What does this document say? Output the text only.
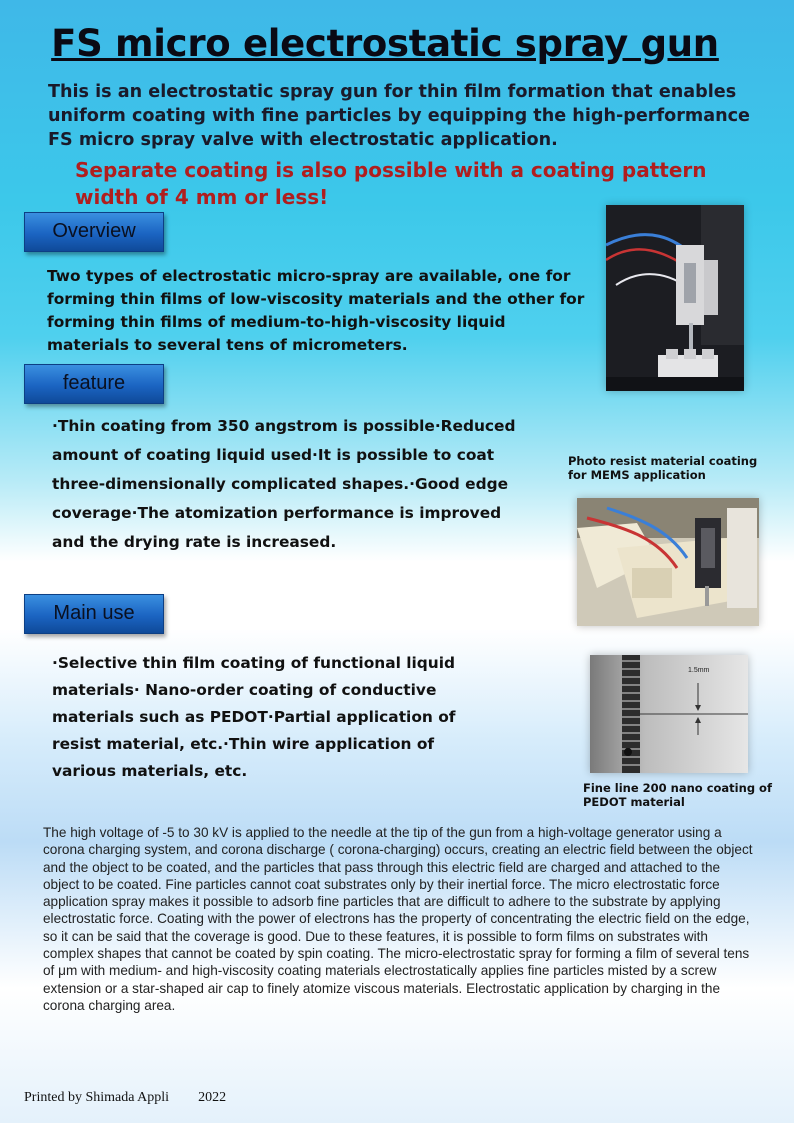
FS micro electrostatic spray gun
This is an electrostatic spray gun for thin film formation that enables uniform coating with fine particles by equipping the high-performance FS micro spray valve with electrostatic application.
Separate coating is also possible with a coating pattern width of 4 mm or less!
Overview
Two types of electrostatic micro-spray are available, one for forming thin films of low-viscosity materials and the other for forming thin films of medium-to-high-viscosity liquid materials to several tens of micrometers.
feature
·Thin coating from 350 angstrom is possible·Reduced amount of coating liquid used·It is possible to coat three-dimensionally complicated shapes.·Good edge coverage·The atomization performance is improved and the drying rate is increased.
Main use
·Selective thin film coating of functional liquid materials· Nano-order coating of conductive materials such as PEDOT·Partial application of resist material, etc.·Thin wire application of various materials, etc.
Photo resist material coating for MEMS application
1.5mm
Fine line 200 nano coating of PEDOT material
The high voltage of -5 to 30 kV is applied to the needle at the tip of the gun from a high-voltage generator using a corona charging system, and corona discharge ( corona-charging) occurs, creating an electric field between the object and the object to be coated, and the particles that pass through this electric field are charged and attached to the object to be coated. Fine particles cannot coat substrates only by their inertial force. The micro electrostatic force application spray makes it possible to adsorb fine particles that are difficult to adhere to the substrate by applying electrostatic force. Coating with the power of electrons has the property of concentrating the electric field on the edge, so it can be said that the coverage is good. Due to these features, it is possible to form films on substrates with complex shapes that cannot be coated by spin coating. The micro-electrostatic spray for forming a film of several tens of μm with medium- and high-viscosity coating materials electrostatically applies fine particles misted by a screw extension or a star-shaped air cap to finely atomize viscous materials. Electrostatic application by charging in the corona charging area.
Printed by Shimada Appli 2022
